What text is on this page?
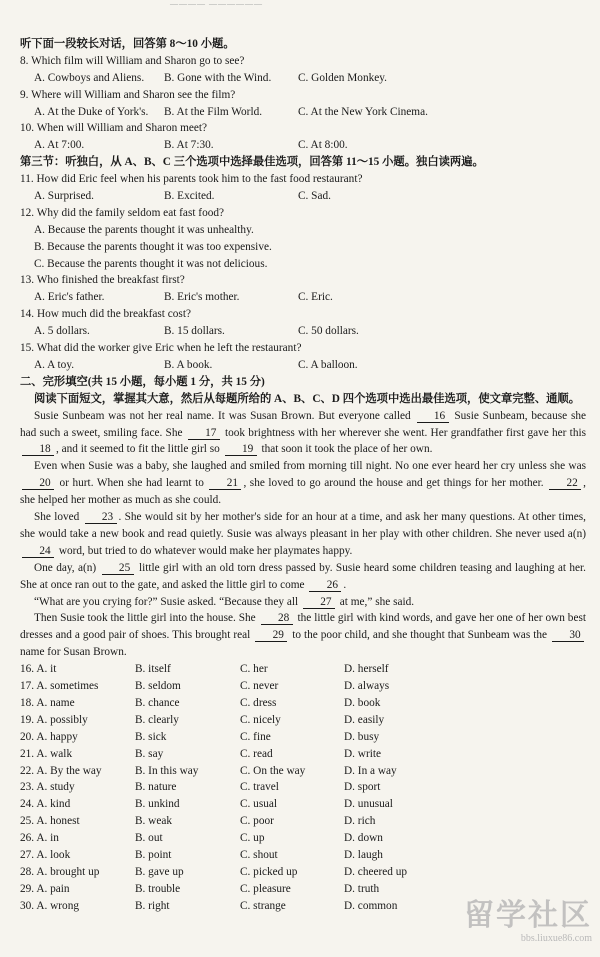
———— ——————
听下面一段较长对话，回答第 8～10 小题。
8. Which film will William and Sharon go to see?
A. Cowboys and Aliens.	B. Gone with the Wind.	C. Golden Monkey.
9. Where will William and Sharon see the film?
A. At the Duke of York's.	B. At the Film World.	C. At the New York Cinema.
10. When will William and Sharon meet?
A. At 7:00.	B. At 7:30.	C. At 8:00.
第三节：听独白，从 A、B、C 三个选项中选择最佳选项，回答第 11～15 小题。独白读两遍。
11. How did Eric feel when his parents took him to the fast food restaurant?
A. Surprised.	B. Excited.	C. Sad.
12. Why did the family seldom eat fast food?
A. Because the parents thought it was unhealthy.
B. Because the parents thought it was too expensive.
C. Because the parents thought it was not delicious.
13. Who finished the breakfast first?
A. Eric's father.	B. Eric's mother.	C. Eric.
14. How much did the breakfast cost?
A. 5 dollars.	B. 15 dollars.	C. 50 dollars.
15. What did the worker give Eric when he left the restaurant?
A. A toy.	B. A book.	C. A balloon.
二、完形填空(共 15 小题，每小题 1 分，共 15 分)
阅读下面短文，掌握其大意，然后从每题所给的 A、B、C、D 四个选项中选出最佳选项，使文章完整、通顺。
Susie Sunbeam was not her real name. It was Susan Brown. But everyone called 16 Susie Sunbeam, because she had such a sweet, smiling face. She 17 took brightness with her wherever she went. Her grandfather first gave her this 18 , and it seemed to fit the little girl so 19 that soon it took the place of her own.
Even when Susie was a baby, she laughed and smiled from morning till night. No one ever heard her cry unless she was 20 or hurt. When she had learnt to 21 , she loved to go around the house and get things for her mother. 22 , she helped her mother as much as she could.
She loved 23 . She would sit by her mother's side for an hour at a time, and ask her many questions. At other times, she would take a new book and read quietly. Susie was always pleasant in her play with other children. She never used a(n) 24 word, but tried to do whatever would make her playmates happy.
One day, a(n) 25 little girl with an old torn dress passed by. Susie heard some children teasing and laughing at her. She at once ran out to the gate, and asked the little girl to come 26 .
“What are you crying for?” Susie asked. “Because they all 27 at me,” she said.
Then Susie took the little girl into the house. She 28 the little girl with kind words, and gave her one of her own best dresses and a good pair of shoes. This brought real 29 to the poor child, and she thought that Sunbeam was the 30 name for Susan Brown.
16. A. it	B. itself	C. her	D. herself
17. A. sometimes	B. seldom	C. never	D. always
18. A. name	B. chance	C. dress	D. book
19. A. possibly	B. clearly	C. nicely	D. easily
20. A. happy	B. sick	C. fine	D. busy
21. A. walk	B. say	C. read	D. write
22. A. By the way	B. In this way	C. On the way	D. In a way
23. A. study	B. nature	C. travel	D. sport
24. A. kind	B. unkind	C. usual	D. unusual
25. A. honest	B. weak	C. poor	D. rich
26. A. in	B. out	C. up	D. down
27. A. look	B. point	C. shout	D. laugh
28. A. brought up	B. gave up	C. picked up	D. cheered up
29. A. pain	B. trouble	C. pleasure	D. truth
30. A. wrong	B. right	C. strange	D. common	留学社区
bbs.liuxue86.com
